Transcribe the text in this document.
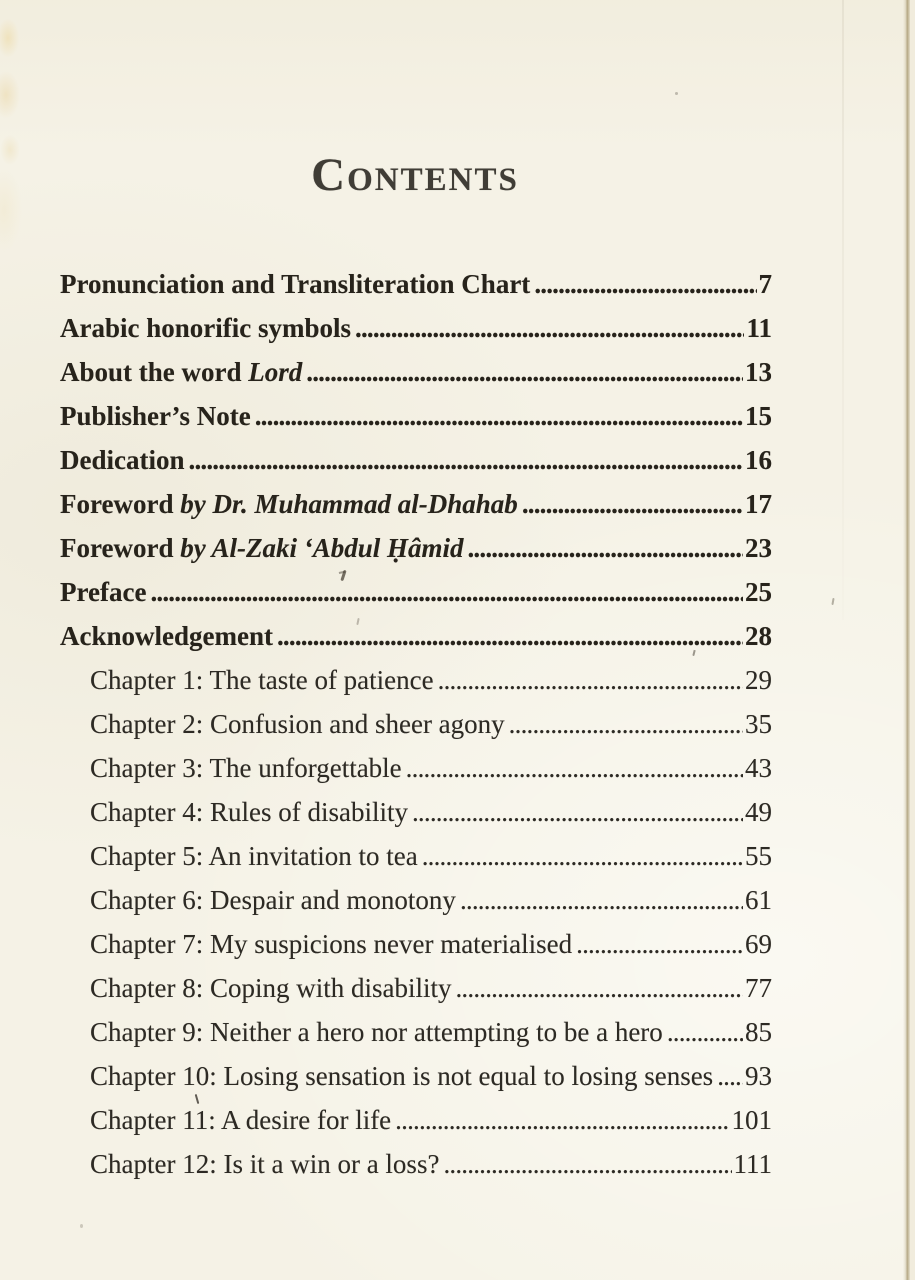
Contents
Pronunciation and Transliteration Chart .....	7
Arabic honorific symbols .....	11
About the word Lord .....	13
Publisher’s Note .....	15
Dedication .....	16
Foreword by Dr. Muhammad al-Dhahab .....	17
Foreword by Al-Zaki ‘Abdul Ḥâmid .....	23
Preface .....	25
Acknowledgement .....	28
Chapter 1: The taste of patience .....	29
Chapter 2: Confusion and sheer agony .....	35
Chapter 3: The unforgettable .....	43
Chapter 4: Rules of disability .....	49
Chapter 5: An invitation to tea .....	55
Chapter 6: Despair and monotony .....	61
Chapter 7: My suspicions never materialised .....	69
Chapter 8: Coping with disability .....	77
Chapter 9: Neither a hero nor attempting to be a hero .....	85
Chapter 10: Losing sensation is not equal to losing senses ..... 93
Chapter 11: A desire for life .....	101
Chapter 12: Is it a win or a loss? .....	111
